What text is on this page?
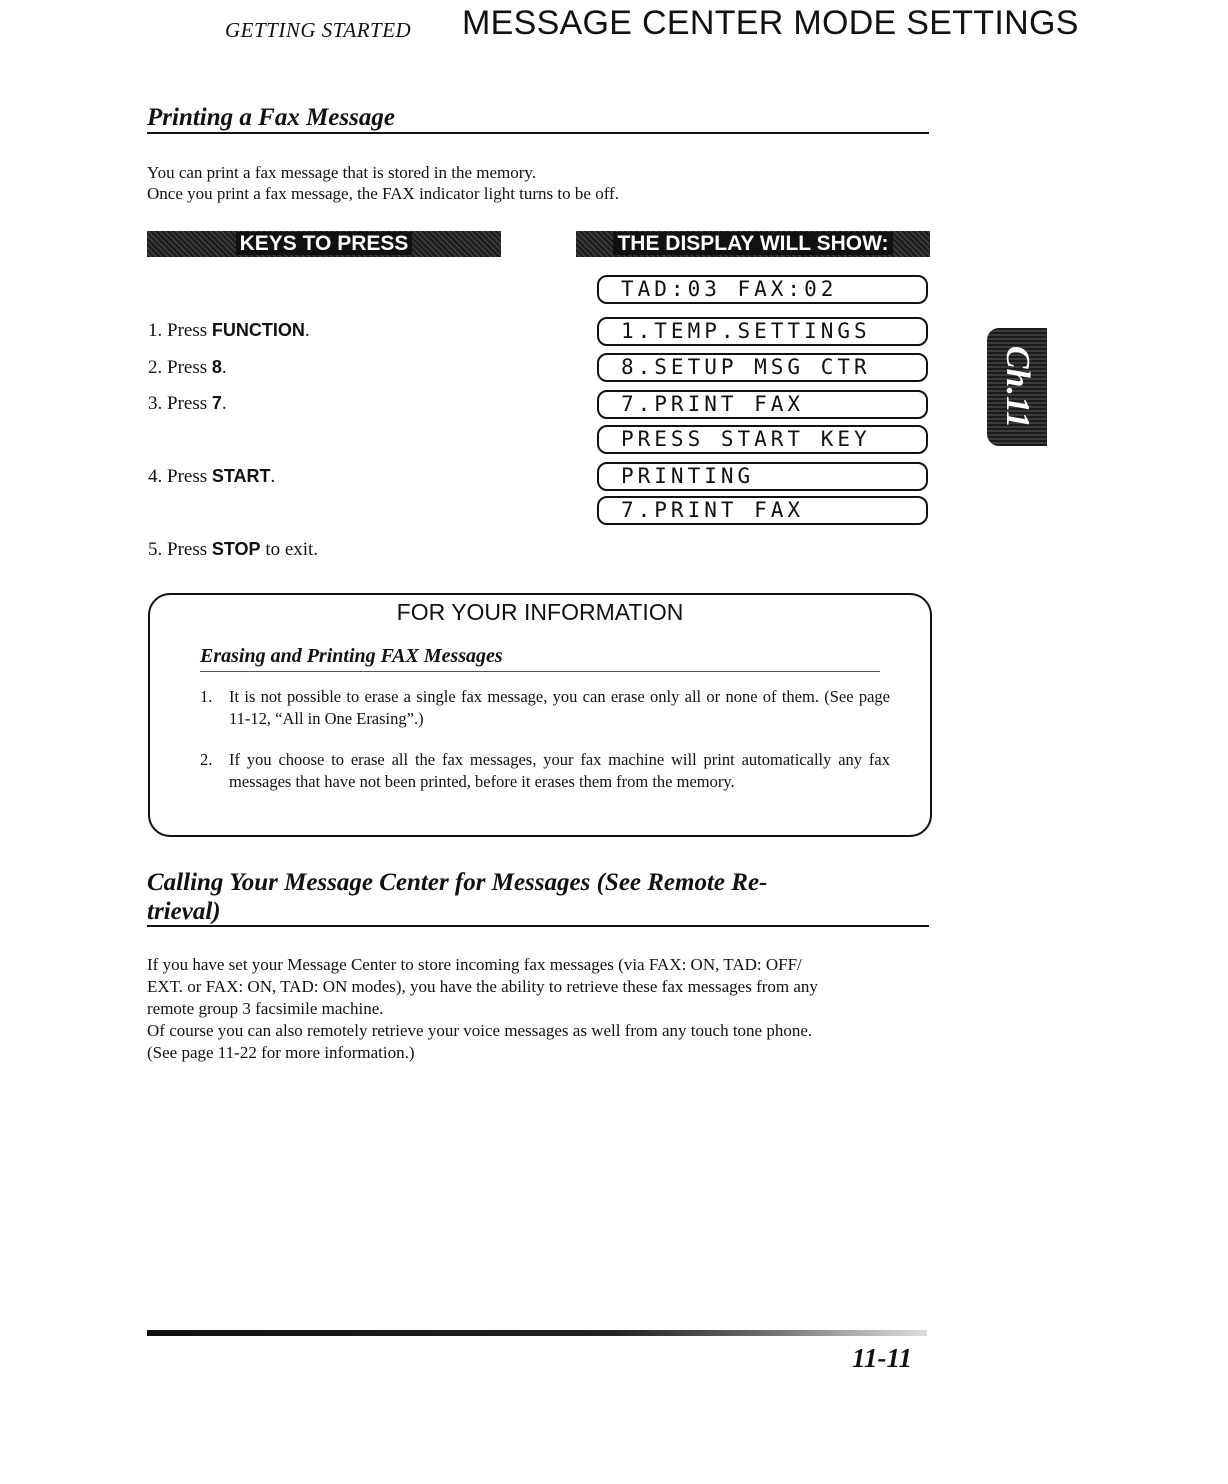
GETTING STARTED MESSAGE CENTER MODE SETTINGS
Printing a Fax Message
You can print a fax message that is stored in the memory.
Once you print a fax message, the FAX indicator light turns to be off.
KEYS TO PRESS	THE DISPLAY WILL SHOW:
1. Press FUNCTION.
2. Press 8.
3. Press 7.
4. Press START.
5. Press STOP to exit.
TAD:03 FAX:02
1.TEMP.SETTINGS
8.SETUP MSG CTR
7.PRINT FAX
PRESS START KEY
PRINTING
7.PRINT FAX
Ch.11
FOR YOUR INFORMATION
Erasing and Printing FAX Messages
1. It is not possible to erase a single fax message, you can erase only all or none of them. (See page 11-12, “All in One Erasing”.)
2. If you choose to erase all the fax messages, your fax machine will print automatically any fax messages that have not been printed, before it erases them from the memory.
Calling Your Message Center for Messages (See Remote Re-
trieval)
If you have set your Message Center to store incoming fax messages (via FAX: ON, TAD: OFF/
EXT. or FAX: ON, TAD: ON modes), you have the ability to retrieve these fax messages from any
remote group 3 facsimile machine.
Of course you can also remotely retrieve your voice messages as well from any touch tone phone.
(See page 11-22 for more information.)
11-11
